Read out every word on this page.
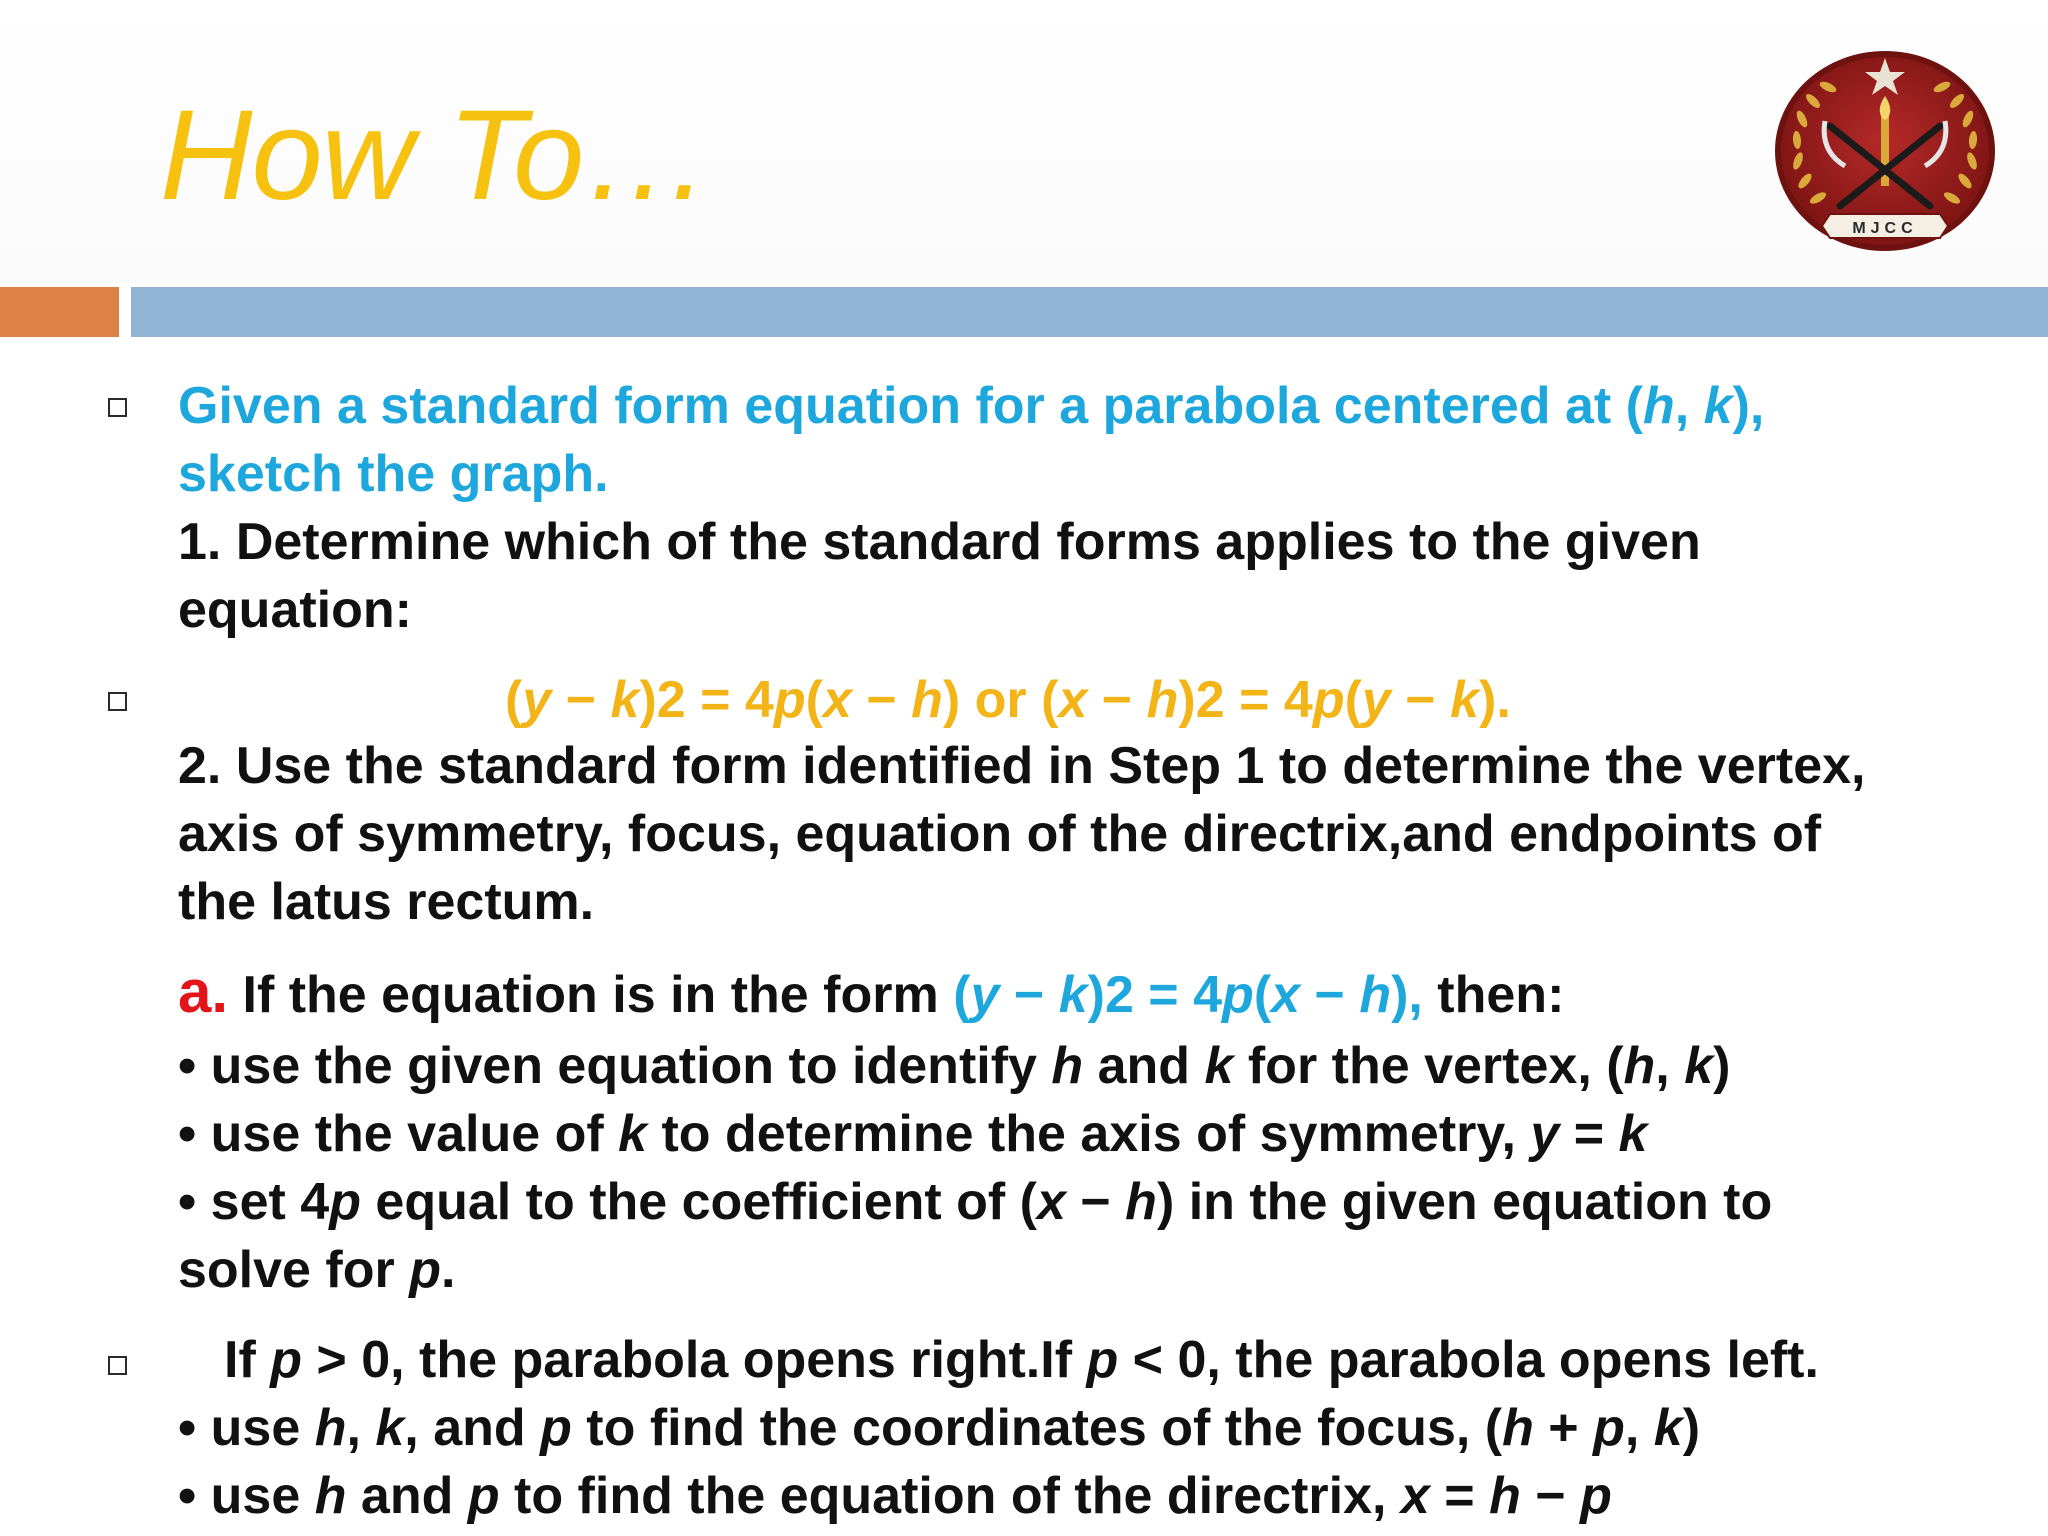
How To…
MJCC
Given a standard form equation for a parabola centered at (h, k),
sketch the graph.
1. Determine which of the standard forms applies to the given
equation:
(y − k)2 = 4p(x − h) or (x − h)2 = 4p(y − k).
2. Use the standard form identified in Step 1 to determine the vertex,
axis of symmetry, focus, equation of the directrix,and endpoints of
the latus rectum.
a. If the equation is in the form (y − k)2 = 4p(x − h), then:
• use the given equation to identify h and k for the vertex, (h, k)
• use the value of k to determine the axis of symmetry, y = k
• set 4p equal to the coefficient of (x − h) in the given equation to
solve for p.
If p > 0, the parabola opens right.If p < 0, the parabola opens left.
• use h, k, and p to find the coordinates of the focus, (h + p, k)
• use h and p to find the equation of the directrix, x = h − p
